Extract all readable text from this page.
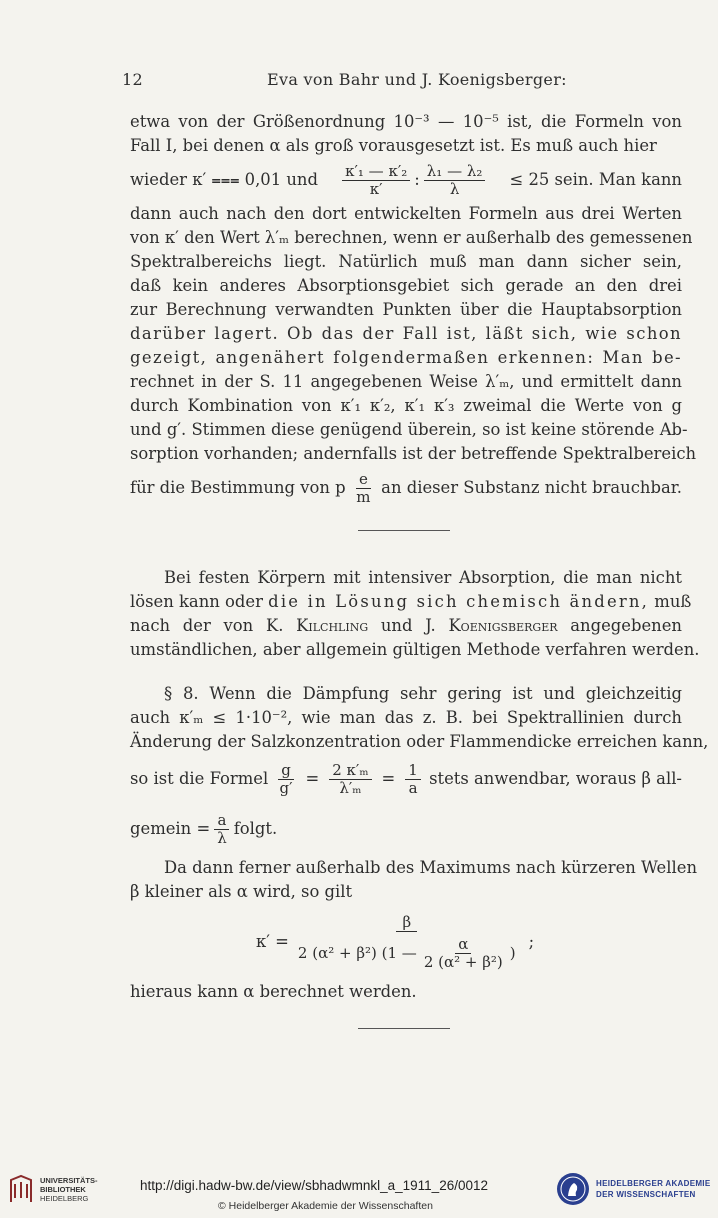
12	Eva von Bahr und J. Koenigsberger:
etwa von der Größenordnung 10⁻³ — 10⁻⁵ ist, die Formeln von
Fall I, bei denen α als groß vorausgesetzt ist. Es muß auch hier
wieder κ′ ⩶ 0,01 und $\frac{\text{κ′₁ — κ′₂}}{\kappa'}$ : $\frac{\text{λ₁ — λ₂}}{\lambda} \le 25$ sein. Man kann
dann auch nach den dort entwickelten Formeln aus drei Werten
von κ′ den Wert λ′ₘ berechnen, wenn er außerhalb des gemessenen
Spektralbereichs liegt. Natürlich muß man dann sicher sein,
daß kein anderes Absorptionsgebiet sich gerade an den drei
zur Berechnung verwandten Punkten über die Hauptabsorption
darüber lagert. Ob das der Fall ist, läßt sich, wie schon
gezeigt, angenähert folgendermaßen erkennen: Man be-
rechnet in der S. 11 angegebenen Weise λ′ₘ, und ermittelt dann
durch Kombination von κ′₁ κ′₂, κ′₁ κ′₃ zweimal die Werte von g
und g′. Stimmen diese genügend überein, so ist keine störende Ab-
sorption vorhanden; andernfalls ist der betreffende Spektralbereich
für die Bestimmung von p $\frac{e}{m}$ an dieser Substanz nicht brauchbar.
Bei festen Körpern mit intensiver Absorption, die man nicht
lösen kann oder die in Lösung sich chemisch ändern, muß
nach der von K. Kilchling und J. Koenigsberger angegebenen
umständlichen, aber allgemein gültigen Methode verfahren werden.
§ 8. Wenn die Dämpfung sehr gering ist und gleichzeitig
auch κ′ₘ ≤ 1·10⁻², wie man das z. B. bei Spektrallinien durch
Änderung der Salzkonzentration oder Flammendicke erreichen kann,
so ist die Formel $\frac{g}{g'} = \frac{\text{2 κ′ₘ}}{\text{λ′ₘ}} = \frac{1}{a}$ stets anwendbar, woraus β all-
gemein = $\frac{a}{\lambda} folgt$.
Da dann ferner außerhalb des Maximums nach kürzeren Wellen
β kleiner als α wird, so gilt
$\kappa' = \frac{\beta}{2 (\alpha^2 + \beta^2) (1 — \frac{\alpha}{\text{2 (α² + β²)}} )}$ ;
hieraus kann α berechnet werden.
UNIVERSITÄTS-
BIBLIOTHEK
HEIDELBERG
http://digi.hadw-bw.de/view/sbhadwmnkl_a_1911_26/0012
© Heidelberger Akademie der Wissenschaften
HEIDELBERGER AKADEMIE
DER WISSENSCHAFTEN
